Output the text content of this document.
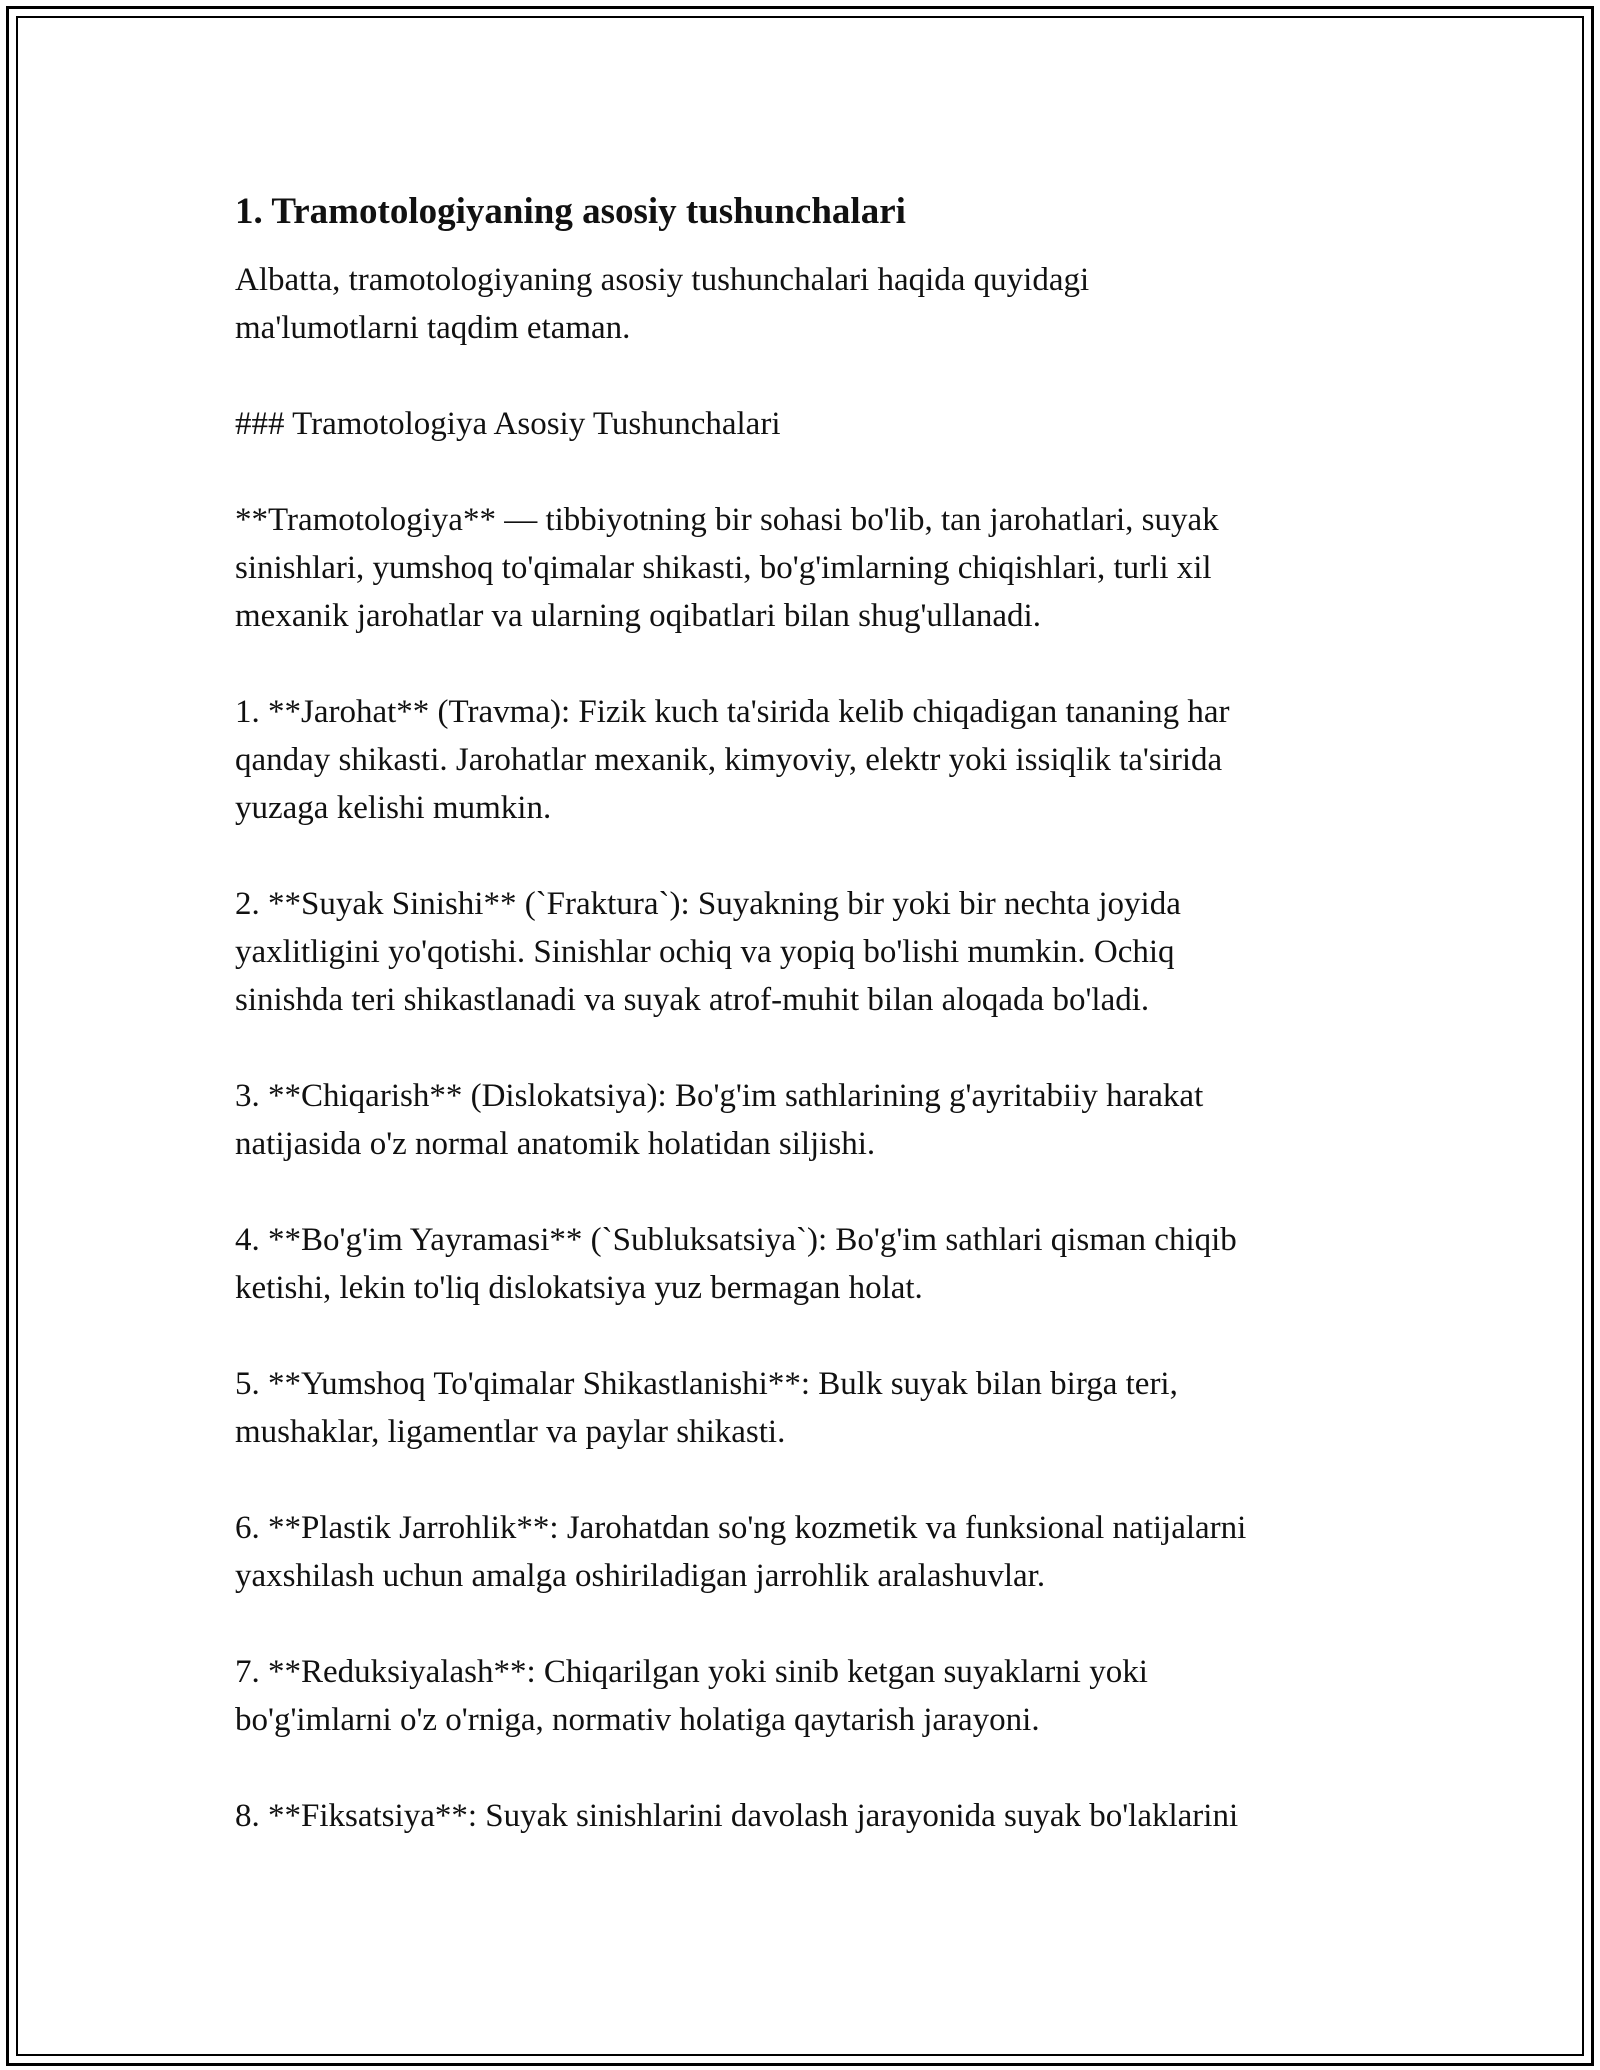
1. Tramotologiyaning asosiy tushunchalari

Albatta, tramotologiyaning asosiy tushunchalari haqida quyidagi
ma'lumotlarni taqdim etaman.

### Tramotologiya Asosiy Tushunchalari

**Tramotologiya** — tibbiyotning bir sohasi bo'lib, tan jarohatlari, suyak
sinishlari, yumshoq to'qimalar shikasti, bo'g'imlarning chiqishlari, turli xil
mexanik jarohatlar va ularning oqibatlari bilan shug'ullanadi.

1. **Jarohat** (Travma): Fizik kuch ta'sirida kelib chiqadigan tananing har
qanday shikasti. Jarohatlar mexanik, kimyoviy, elektr yoki issiqlik ta'sirida
yuzaga kelishi mumkin.

2. **Suyak Sinishi** (`Fraktura`): Suyakning bir yoki bir nechta joyida
yaxlitligini yo'qotishi. Sinishlar ochiq va yopiq bo'lishi mumkin. Ochiq
sinishda teri shikastlanadi va suyak atrof-muhit bilan aloqada bo'ladi.

3. **Chiqarish** (Dislokatsiya): Bo'g'im sathlarining g'ayritabiiy harakat
natijasida o'z normal anatomik holatidan siljishi.

4. **Bo'g'im Yayramasi** (`Subluksatsiya`): Bo'g'im sathlari qisman chiqib
ketishi, lekin to'liq dislokatsiya yuz bermagan holat.

5. **Yumshoq To'qimalar Shikastlanishi**: Bulk suyak bilan birga teri,
mushaklar, ligamentlar va paylar shikasti.

6. **Plastik Jarrohlik**: Jarohatdan so'ng kozmetik va funksional natijalarni
yaxshilash uchun amalga oshiriladigan jarrohlik aralashuvlar.

7. **Reduksiyalash**: Chiqarilgan yoki sinib ketgan suyaklarni yoki
bo'g'imlarni o'z o'rniga, normativ holatiga qaytarish jarayoni.

8. **Fiksatsiya**: Suyak sinishlarini davolash jarayonida suyak bo'laklarini
